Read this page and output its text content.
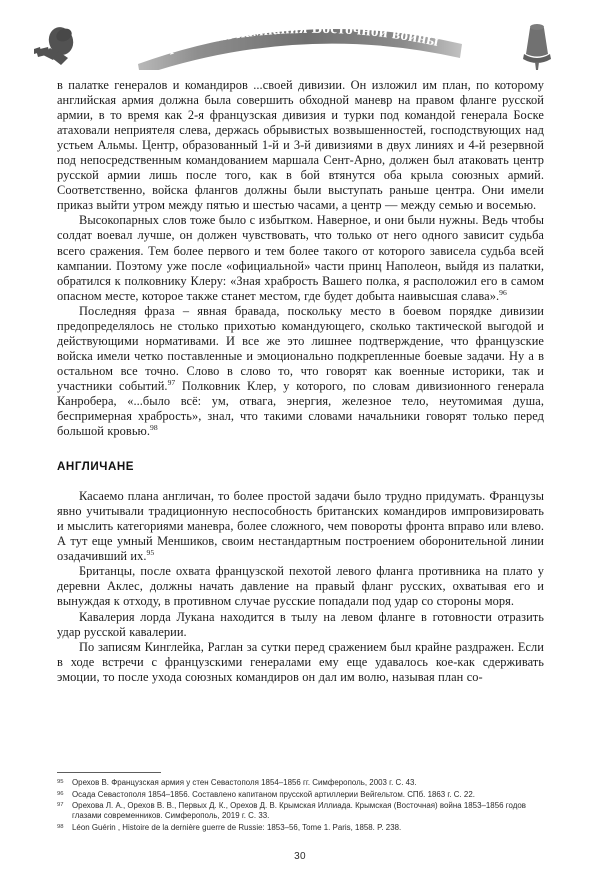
Крымская кампания Восточной войны

в палатке генералов и командиров ...своей дивизии. Он изложил им план, по которому английская армия должна была совершить обходной маневр на правом фланге русской армии, в то время как 2-я французская дивизия и турки под командой генерала Боске атаховали неприятеля слева, держась обрывистых возвышенностей, господствующих над устьем Альмы. Центр, образованный 1-й и 3-й дивизиями в двух линиях и 4-й резервной под непосредственным командованием маршала Сент-Арно, должен был атаковать центр русской армии лишь после того, как в бой втянутся оба крыла союзных армий. Соответственно, войска флангов должны были выступать раньше центра. Они имели приказ выйти утром между пятью и шестью часами, а центр — между семью и восемью.

Высокопарных слов тоже было с избытком. Наверное, и они были нужны. Ведь чтобы солдат воевал лучше, он должен чувствовать, что только от него одного зависит судьба всего сражения. Тем более первого и тем более такого от которого зависела судьба всей кампании. Поэтому уже после «официальной» части принц Наполеон, выйдя из палатки, обратился к полковнику Клеру: «Зная храбрость Вашего полка, я расположил его в самом опасном месте, которое также станет местом, где будет добыта наивысшая слава».$^{96}$

Последняя фраза – явная бравада, поскольку место в боевом порядке дивизии предопределялось не столько прихотью командующего, сколько тактической выгодой и действующими нормативами. И все же это лишнее подтверждение, что французские войска имели четко поставленные и эмоционально подкрепленные боевые задачи. Ну а в остальном все точно. Слово в слово то, что говорят как военные историки, так и участники событий.$^{97}$ Полковник Клер, у которого, по словам дивизионного генерала Канробера, «...было всё: ум, отвага, энергия, железное тело, неутомимая душа, беспримерная храбрость», знал, что такими словами начальники говорят только перед большой кровью.$^{98}$

АНГЛИЧАНЕ

Касаемо плана англичан, то более простой задачи было трудно придумать. Французы явно учитывали традиционную неспособность британских командиров импровизировать и мыслить категориями маневра, более сложного, чем повороты фронта вправо или влево. А тут еще умный Меншиков, своим нестандартным построением оборонительной линии озадачивший их.$^{95}$

Британцы, после охвата французской пехотой левого фланга противника на плато у деревни Аклес, должны начать давление на правый фланг русских, охватывая его и вынуждая к отходу, в противном случае русские попадали под удар со стороны моря.

Кавалерия лорда Лукана находится в тылу на левом фланге в готовности отразить удар русской кавалерии.

По записям Кинглейка, Раглан за сутки перед сражением был крайне раздражен. Если в ходе встречи с французскими генералами ему еще удавалось кое-как сдерживать эмоции, то после ухода союзных командиров он дал им волю, называя план со-

95	Орехов В. Французская армия у стен Севастополя 1854–1856 гг. Симферополь, 2003 г. С. 43.
96	Осада Севастополя 1854–1856. Составлено капитаном прусской артиллерии Вейгельтом. СПб. 1863 г. С. 22.
97	Орехова Л. А., Орехов В. В., Первых Д. К., Орехов Д. В. Крымская Иллиада. Крымская (Восточная) война 1853–1856 годов глазами современников. Симферополь, 2019 г. С. 33.
98	Léon Guérin , Histoire de la dernière guerre de Russie: 1853–56, Tome 1. Paris, 1858. P. 238.
30
